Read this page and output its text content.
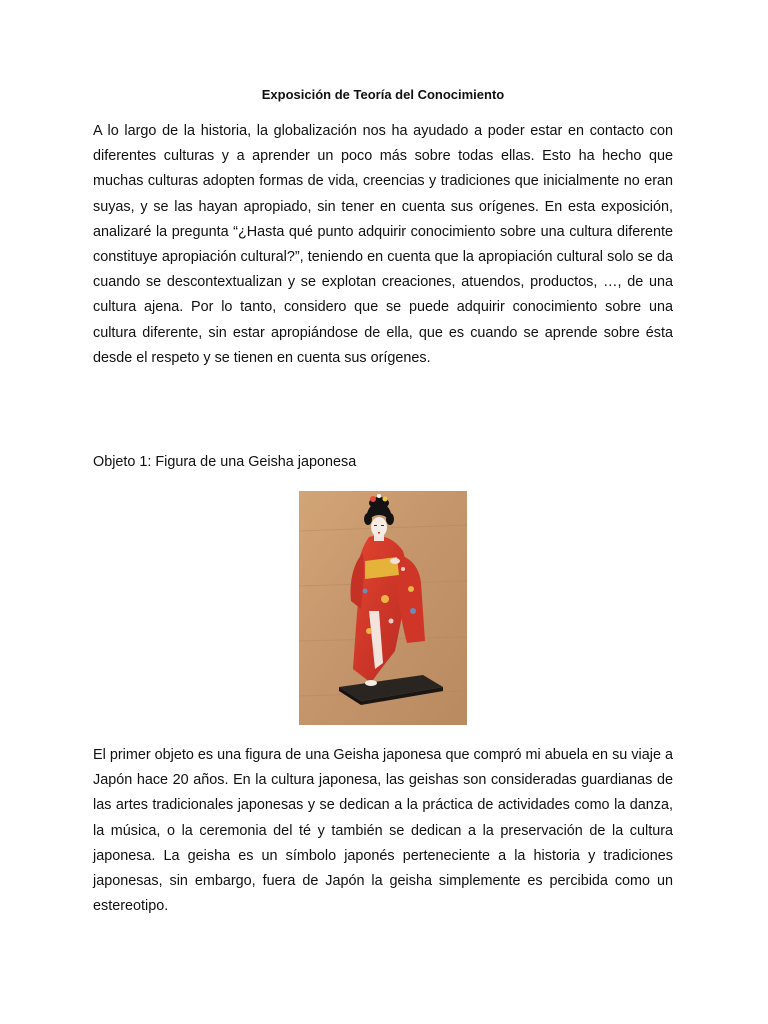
Exposición de Teoría del Conocimiento

A lo largo de la historia, la globalización nos ha ayudado a poder estar en contacto con diferentes culturas y a aprender un poco más sobre todas ellas. Esto ha hecho que muchas culturas adopten formas de vida, creencias y tradiciones que inicialmente no eran suyas, y se las hayan apropiado, sin tener en cuenta sus orígenes. En esta exposición, analizaré la pregunta “¿Hasta qué punto adquirir conocimiento sobre una cultura diferente constituye apropiación cultural?”, teniendo en cuenta que la apropiación cultural solo se da cuando se descontextualizan y se explotan creaciones, atuendos, productos, …, de una cultura ajena. Por lo tanto, considero que se puede adquirir conocimiento sobre una cultura diferente, sin estar apropiándose de ella, que es cuando se aprende sobre ésta desde el respeto y se tienen en cuenta sus orígenes.

Objeto 1: Figura de una Geisha japonesa

El primer objeto es una figura de una Geisha japonesa que compró mi abuela en su viaje a Japón hace 20 años. En la cultura japonesa, las geishas son consideradas guardianas de las artes tradicionales japonesas y se dedican a la práctica de actividades como la danza, la música, o la ceremonia del té y también se dedican a la preservación de la cultura japonesa. La geisha es un símbolo japonés perteneciente a la historia y tradiciones japonesas, sin embargo, fuera de Japón la geisha simplemente es percibida como un estereotipo.
